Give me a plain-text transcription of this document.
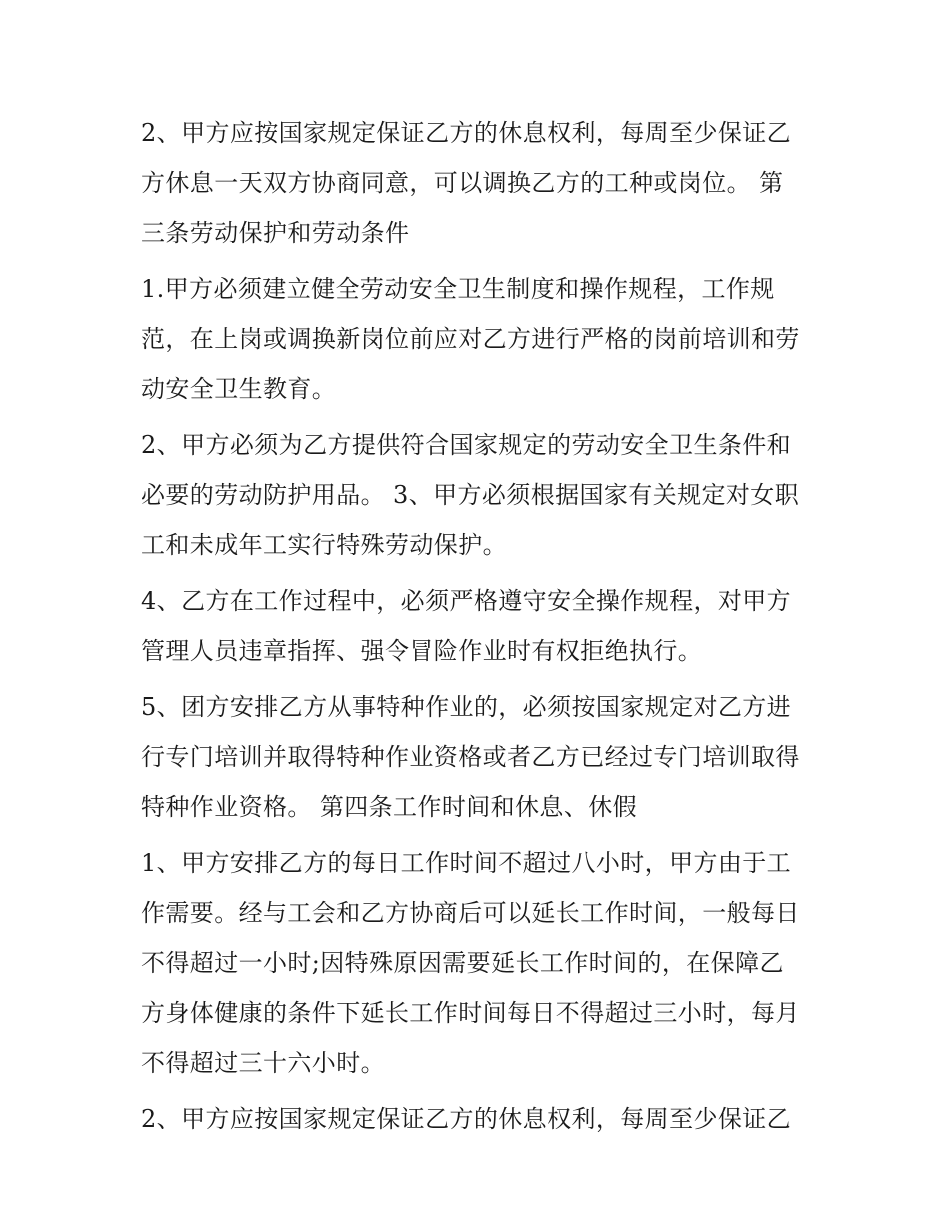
2、甲方应按国家规定保证乙方的休息权利，每周至少保证乙
方休息一天双方协商同意，可以调换乙方的工种或岗位。 第
三条劳动保护和劳动条件
1.甲方必须建立健全劳动安全卫生制度和操作规程，工作规
范，在上岗或调换新岗位前应对乙方进行严格的岗前培训和劳
动安全卫生教育。
2、甲方必须为乙方提供符合国家规定的劳动安全卫生条件和
必要的劳动防护用品。 3、甲方必须根据国家有关规定对女职
工和未成年工实行特殊劳动保护。
4、乙方在工作过程中，必须严格遵守安全操作规程，对甲方
管理人员违章指挥、强令冒险作业时有权拒绝执行。
5、团方安排乙方从事特种作业的，必须按国家规定对乙方进
行专门培训并取得特种作业资格或者乙方已经过专门培训取得
特种作业资格。 第四条工作时间和休息、休假
1、甲方安排乙方的每日工作时间不超过八小时，甲方由于工
作需要。经与工会和乙方协商后可以延长工作时间，一般每日
不得超过一小时;因特殊原因需要延长工作时间的，在保障乙
方身体健康的条件下延长工作时间每日不得超过三小时，每月
不得超过三十六小时。
2、甲方应按国家规定保证乙方的休息权利，每周至少保证乙
